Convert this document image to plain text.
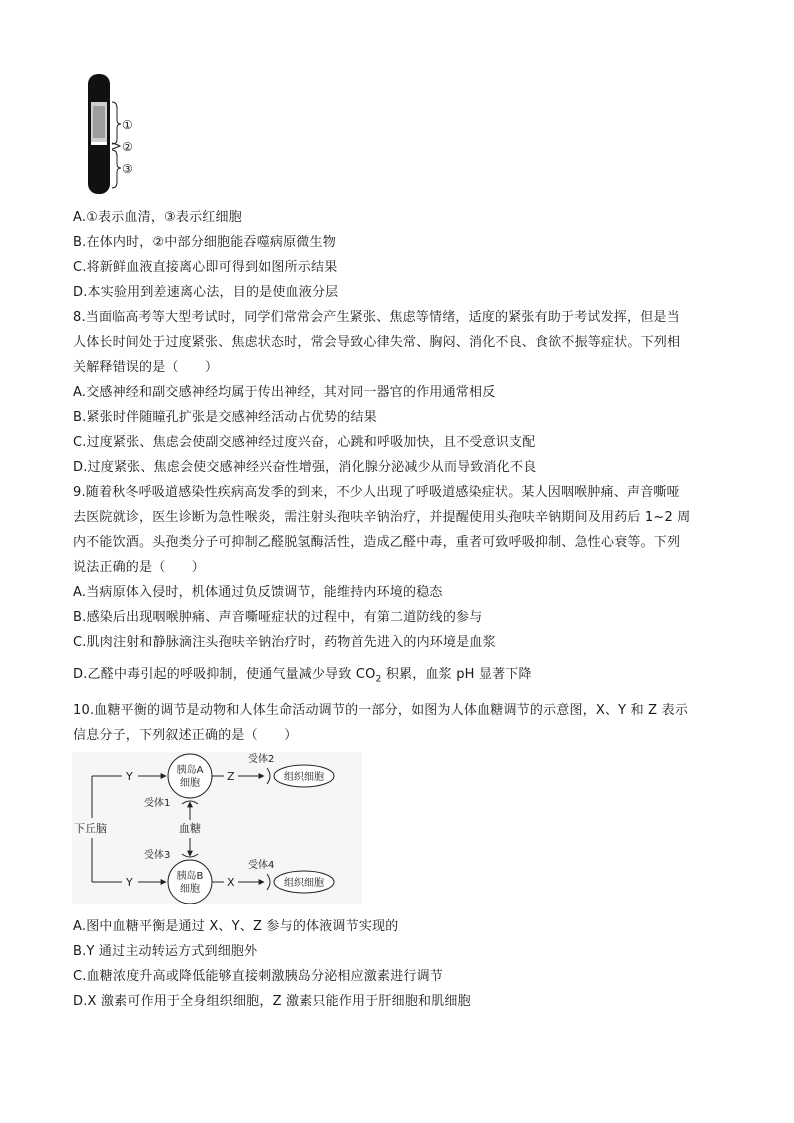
①
②
③
A.①表示血清，③表示红细胞
B.在体内时，②中部分细胞能吞噬病原微生物
C.将新鲜血液直接离心即可得到如图所示结果
D.本实验用到差速离心法，目的是使血液分层
8.当面临高考等大型考试时，同学们常常会产生紧张、焦虑等情绪，适度的紧张有助于考试发挥，但是当
人体长时间处于过度紧张、焦虑状态时，常会导致心律失常、胸闷、消化不良、食欲不振等症状。下列相
关解释错误的是（　　）
A.交感神经和副交感神经均属于传出神经，其对同一器官的作用通常相反
B.紧张时伴随瞳孔扩张是交感神经活动占优势的结果
C.过度紧张、焦虑会使副交感神经过度兴奋，心跳和呼吸加快，且不受意识支配
D.过度紧张、焦虑会使交感神经兴奋性增强，消化腺分泌减少从而导致消化不良
9.随着秋冬呼吸道感染性疾病高发季的到来，不少人出现了呼吸道感染症状。某人因咽喉肿痛、声音嘶哑
去医院就诊，医生诊断为急性喉炎，需注射头孢呋辛钠治疗，并提醒使用头孢呋辛钠期间及用药后 1~2 周
内不能饮酒。头孢类分子可抑制乙醛脱氢酶活性，造成乙醛中毒，重者可致呼吸抑制、急性心衰等。下列
说法正确的是（　　）
A.当病原体入侵时，机体通过负反馈调节，能维持内环境的稳态
B.感染后出现咽喉肿痛、声音嘶哑症状的过程中，有第二道防线的参与
C.肌肉注射和静脉滴注头孢呋辛钠治疗时，药物首先进入的内环境是血浆
D.乙醛中毒引起的呼吸抑制，使通气量减少导致 $CO_2$ 积累，血浆 pH 显著下降
10.血糖平衡的调节是动物和人体生命活动调节的一部分，如图为人体血糖调节的示意图，X、Y 和 Z 表示
信息分子，下列叙述正确的是（　　）
下丘脑
Y
Y
胰岛A
细胞
胰岛B
细胞
Z
受体2
组织细胞
X
受体4
组织细胞
血糖
受体1
受体3
A.图中血糖平衡是通过 X、Y、Z 参与的体液调节实现的
B.Y 通过主动转运方式到细胞外
C.血糖浓度升高或降低能够直接刺激胰岛分泌相应激素进行调节
D.X 激素可作用于全身组织细胞，Z 激素只能作用于肝细胞和肌细胞
